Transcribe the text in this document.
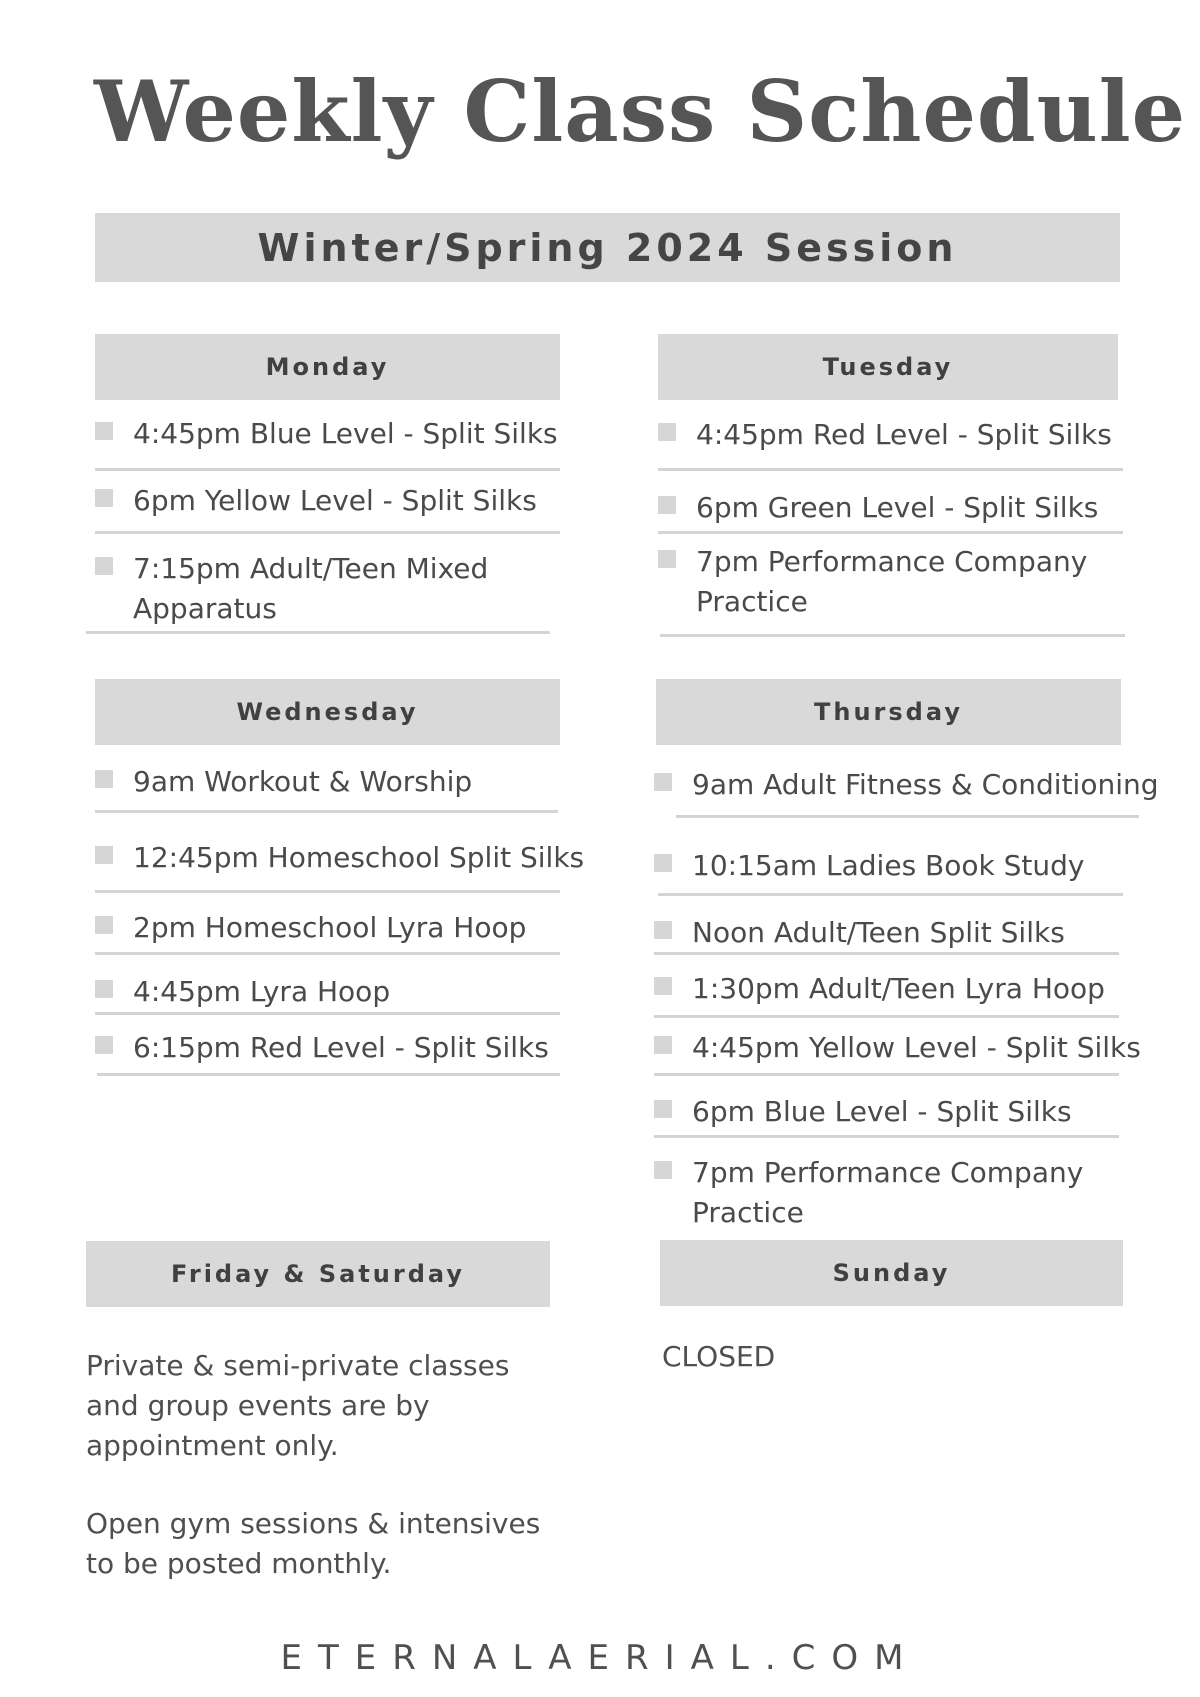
Weekly Class Schedule
Winter/Spring 2024 Session
Monday
4:45pm Blue Level - Split Silks
6pm Yellow Level - Split Silks
7:15pm Adult/Teen Mixed Apparatus
Tuesday
4:45pm Red Level - Split Silks
6pm Green Level - Split Silks
7pm Performance Company Practice
Wednesday
9am Workout & Worship
12:45pm Homeschool Split Silks
2pm Homeschool Lyra Hoop
4:45pm Lyra Hoop
6:15pm Red Level - Split Silks
Thursday
9am Adult Fitness & Conditioning
10:15am Ladies Book Study
Noon Adult/Teen Split Silks
1:30pm Adult/Teen Lyra Hoop
4:45pm Yellow Level - Split Silks
6pm Blue Level - Split Silks
7pm Performance Company Practice
Friday & Saturday
Private & semi-private classes and group events are by appointment only.
Open gym sessions & intensives to be posted monthly.
Sunday
CLOSED
ETERNALAERIAL.COM
